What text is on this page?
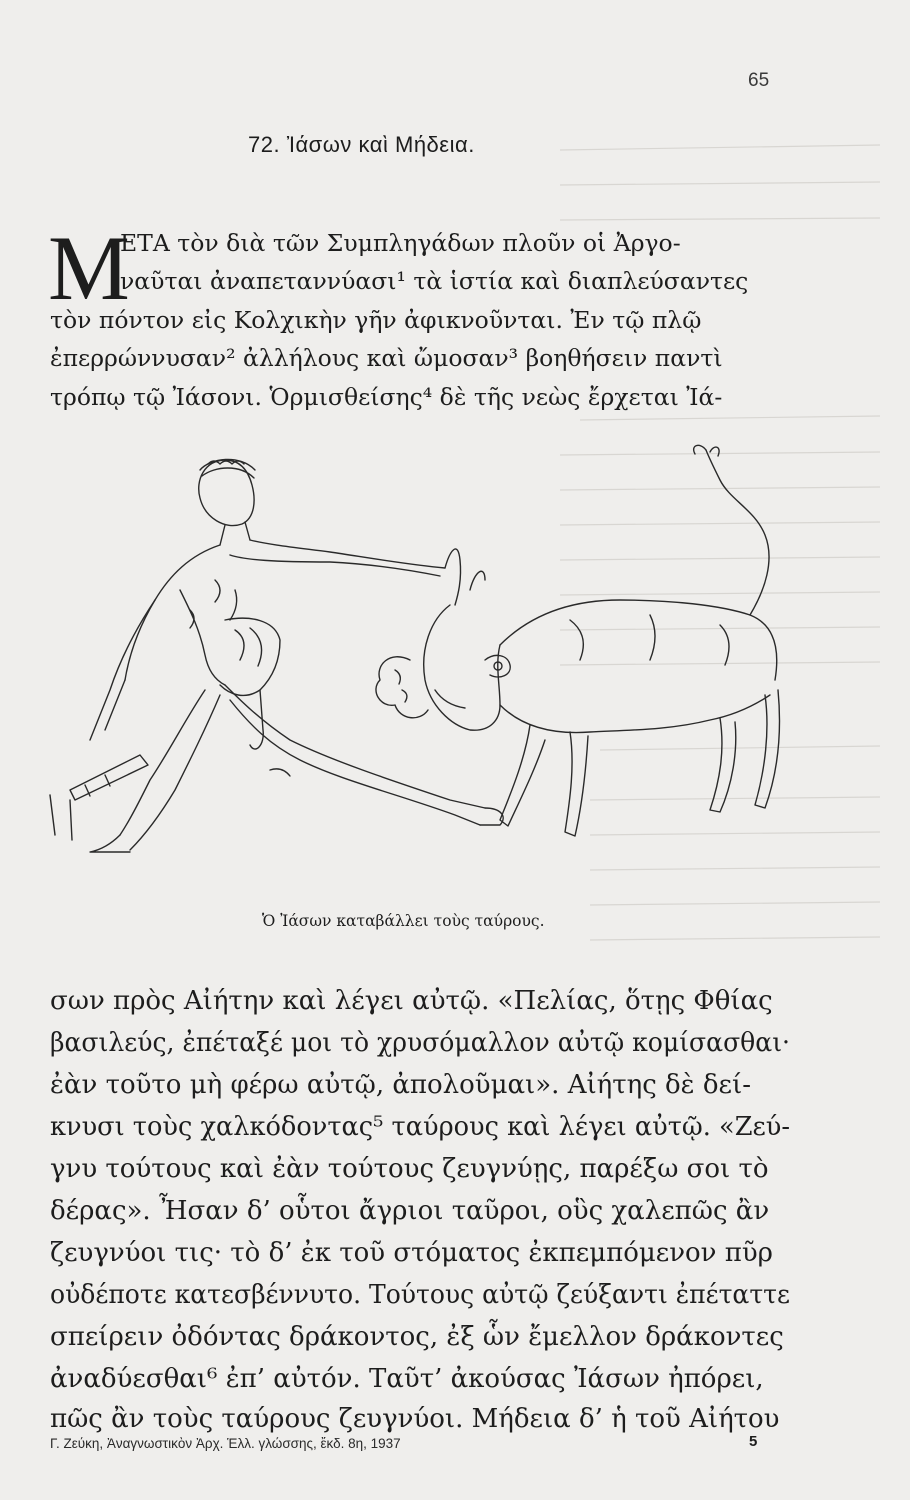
65
72. Ἰάσων καὶ Μήδεια.
Μ
ΕΤΑ τὸν διὰ τῶν Συμπληγάδων πλοῦν οἱ Ἀργο-
ναῦται ἀναπεταννύασι¹ τὰ ἱστία καὶ διαπλεύσαντες
τὸν πόντον εἰς Κολχικὴν γῆν ἀφικνοῦνται. Ἐν τῷ πλῷ
ἐπερρώννυσαν² ἀλλήλους καὶ ὤμοσαν³ βοηθήσειν παντὶ
τρόπῳ τῷ Ἰάσονι. Ὁρμισθείσης⁴ δὲ τῆς νεὼς ἔρχεται Ἰά-
Ὁ Ἰάσων καταβάλλει τοὺς ταύρους.
σων πρὸς Αἰήτην καὶ λέγει αὐτῷ. «Πελίας, ὅτῃς Φθίας
βασιλεύς, ἐπέταξέ μοι τὸ χρυσόμαλλον αὐτῷ κομίσασθαι·
ἐὰν τοῦτο μὴ φέρω αὐτῷ, ἀπολοῦμαι». Αἰήτης δὲ δεί-
κνυσι τοὺς χαλκόδοντας⁵ ταύρους καὶ λέγει αὐτῷ. «Ζεύ-
γνυ τούτους καὶ ἐὰν τούτους ζευγνύῃς, παρέξω σοι τὸ
δέρας». Ἦσαν δ’ οὗτοι ἄγριοι ταῦροι, οὓς χαλεπῶς ἂν
ζευγνύοι τις· τὸ δ’ ἐκ τοῦ στόματος ἐκπεμπόμενον πῦρ
οὐδέποτε κατεσβέννυτο. Τούτους αὐτῷ ζεύξαντι ἐπέταττε
σπείρειν ὀδόντας δράκοντος, ἐξ ὧν ἔμελλον δράκοντες
ἀναδύεσθαι⁶ ἐπ’ αὐτόν. Ταῦτ’ ἀκούσας Ἰάσων ἠπόρει,
πῶς ἂν τοὺς ταύρους ζευγνύοι. Μήδεια δ’ ἡ τοῦ Αἰήτου
Γ. Ζεύκη, Ἀναγνωστικὸν Ἀρχ. Ἑλλ. γλώσσης, ἔκδ. 8η, 1937	5
